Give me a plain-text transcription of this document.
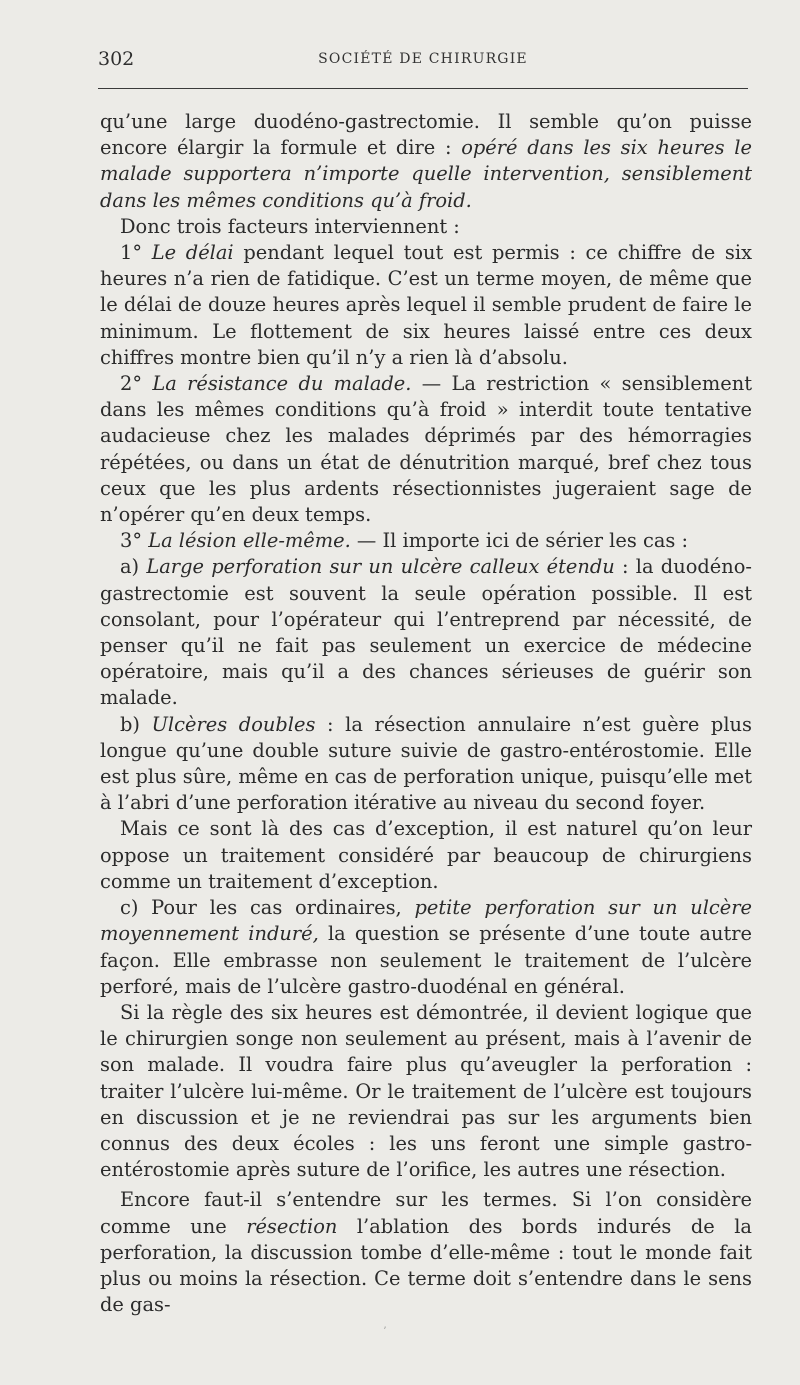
302	SOCIÉTÉ DE CHIRURGIE

qu’une large duodéno-gastrectomie. Il semble qu’on puisse encore élargir la formule et dire : opéré dans les six heures le malade supportera n’importe quelle intervention, sensiblement dans les mêmes conditions qu’à froid.

Donc trois facteurs interviennent :

1° Le délai pendant lequel tout est permis : ce chiffre de six heures n’a rien de fatidique. C’est un terme moyen, de même que le délai de douze heures après lequel il semble prudent de faire le minimum. Le flottement de six heures laissé entre ces deux chiffres montre bien qu’il n’y a rien là d’absolu.

2° La résistance du malade. — La restriction « sensiblement dans les mêmes conditions qu’à froid » interdit toute tentative audacieuse chez les malades déprimés par des hémorragies répétées, ou dans un état de dénutrition marqué, bref chez tous ceux que les plus ardents résectionnistes jugeraient sage de n’opérer qu’en deux temps.

3° La lésion elle-même. — Il importe ici de sérier les cas :

a) Large perforation sur un ulcère calleux étendu : la duodéno-gastrectomie est souvent la seule opération possible. Il est consolant, pour l’opérateur qui l’entreprend par nécessité, de penser qu’il ne fait pas seulement un exercice de médecine opératoire, mais qu’il a des chances sérieuses de guérir son malade.

b) Ulcères doubles : la résection annulaire n’est guère plus longue qu’une double suture suivie de gastro-entérostomie. Elle est plus sûre, même en cas de perforation unique, puisqu’elle met à l’abri d’une perforation itérative au niveau du second foyer.

Mais ce sont là des cas d’exception, il est naturel qu’on leur oppose un traitement considéré par beaucoup de chirurgiens comme un traitement d’exception.

c) Pour les cas ordinaires, petite perforation sur un ulcère moyennement induré, la question se présente d’une toute autre façon. Elle embrasse non seulement le traitement de l’ulcère perforé, mais de l’ulcère gastro-duodénal en général.

Si la règle des six heures est démontrée, il devient logique que le chirurgien songe non seulement au présent, mais à l’avenir de son malade. Il voudra faire plus qu’aveugler la perforation : traiter l’ulcère lui-même. Or le traitement de l’ulcère est toujours en discussion et je ne reviendrai pas sur les arguments bien connus des deux écoles : les uns feront une simple gastro-entérostomie après suture de l’orifice, les autres une résection.

Encore faut-il s’entendre sur les termes. Si l’on considère comme une résection l’ablation des bords indurés de la perforation, la discussion tombe d’elle-même : tout le monde fait plus ou moins la résection. Ce terme doit s’entendre dans le sens de gas-

ʼ
